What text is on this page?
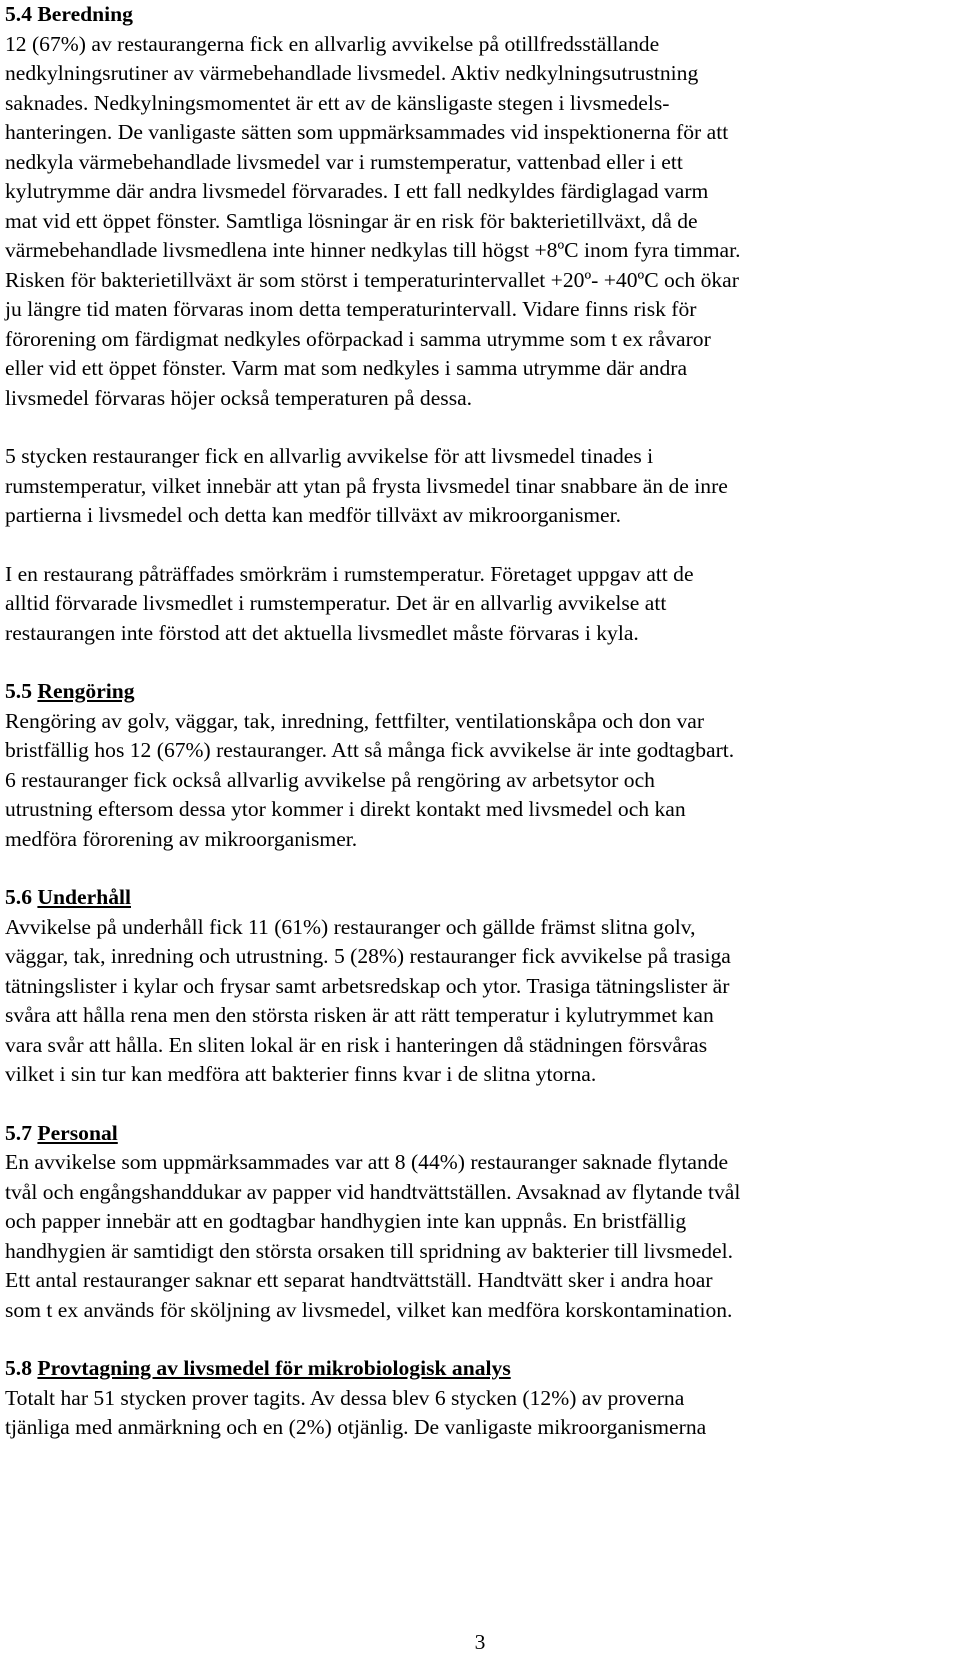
5.4 Beredning
12 (67%) av restaurangerna fick en allvarlig avvikelse på otillfredsställande
nedkylningsrutiner av värmebehandlade livsmedel. Aktiv nedkylningsutrustning
saknades. Nedkylningsmomentet är ett av de känsligaste stegen i livsmedels-
hanteringen. De vanligaste sätten som uppmärksammades vid inspektionerna för att
nedkyla värmebehandlade livsmedel var i rumstemperatur, vattenbad eller i ett
kylutrymme där andra livsmedel förvarades. I ett fall nedkyldes färdiglagad varm
mat vid ett öppet fönster. Samtliga lösningar är en risk för bakterietillväxt, då de
värmebehandlade livsmedlena inte hinner nedkylas till högst +8ºC inom fyra timmar.
Risken för bakterietillväxt är som störst i temperaturintervallet +20º- +40ºC och ökar
ju längre tid maten förvaras inom detta temperaturintervall. Vidare finns risk för
förorening om färdigmat nedkyles oförpackad i samma utrymme som t ex råvaror
eller vid ett öppet fönster. Varm mat som nedkyles i samma utrymme där andra
livsmedel förvaras höjer också temperaturen på dessa.
5 stycken restauranger fick en allvarlig avvikelse för att livsmedel tinades i
rumstemperatur, vilket innebär att ytan på frysta livsmedel tinar snabbare än de inre
partierna i livsmedel och detta kan medför tillväxt av mikroorganismer.
I en restaurang påträffades smörkräm i rumstemperatur. Företaget uppgav att de
alltid förvarade livsmedlet i rumstemperatur. Det är en allvarlig avvikelse att
restaurangen inte förstod att det aktuella livsmedlet måste förvaras i kyla.
5.5 Rengöring
Rengöring av golv, väggar, tak, inredning, fettfilter, ventilationskåpa och don var
bristfällig hos 12 (67%) restauranger. Att så många fick avvikelse är inte godtagbart.
6 restauranger fick också allvarlig avvikelse på rengöring av arbetsytor och
utrustning eftersom dessa ytor kommer i direkt kontakt med livsmedel och kan
medföra förorening av mikroorganismer.
5.6 Underhåll
Avvikelse på underhåll fick 11 (61%) restauranger och gällde främst slitna golv,
väggar, tak, inredning och utrustning. 5 (28%) restauranger fick avvikelse på trasiga
tätningslister i kylar och frysar samt arbetsredskap och ytor. Trasiga tätningslister är
svåra att hålla rena men den största risken är att rätt temperatur i kylutrymmet kan
vara svår att hålla. En sliten lokal är en risk i hanteringen då städningen försvåras
vilket i sin tur kan medföra att bakterier finns kvar i de slitna ytorna.
5.7 Personal
En avvikelse som uppmärksammades var att 8 (44%) restauranger saknade flytande
tvål och engångshanddukar av papper vid handtvättställen. Avsaknad av flytande tvål
och papper innebär att en godtagbar handhygien inte kan uppnås. En bristfällig
handhygien är samtidigt den största orsaken till spridning av bakterier till livsmedel.
Ett antal restauranger saknar ett separat handtvättställ. Handtvätt sker i andra hoar
som t ex används för sköljning av livsmedel, vilket kan medföra korskontamination.
5.8 Provtagning av livsmedel för mikrobiologisk analys
Totalt har 51 stycken prover tagits. Av dessa blev 6 stycken (12%) av proverna
tjänliga med anmärkning och en (2%) otjänlig. De vanligaste mikroorganismerna
3
